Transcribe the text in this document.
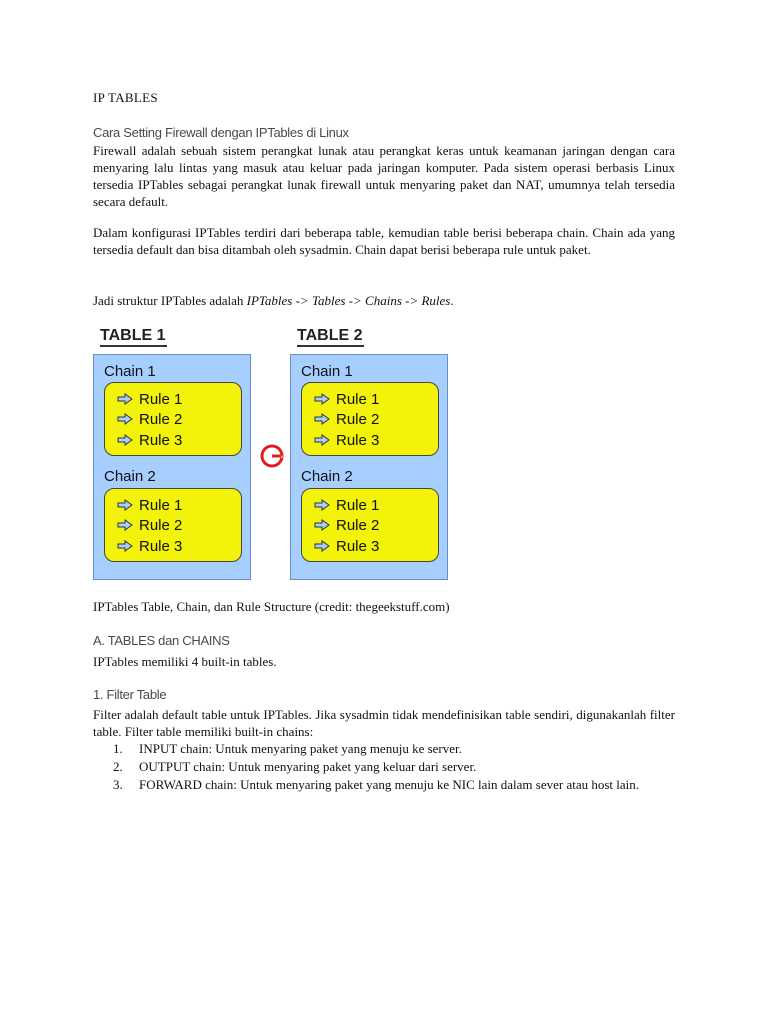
IP TABLES
Cara Setting Firewall dengan IPTables di Linux

Firewall adalah sebuah sistem perangkat lunak atau perangkat keras untuk keamanan jaringan dengan cara menyaring lalu lintas yang masuk atau keluar pada jaringan komputer. Pada sistem operasi berbasis Linux tersedia IPTables sebagai perangkat lunak firewall untuk menyaring paket dan NAT, umumnya telah tersedia secara default.

Dalam konfigurasi IPTables terdiri dari beberapa table, kemudian table berisi beberapa chain. Chain ada yang tersedia default dan bisa ditambah oleh sysadmin. Chain dapat berisi beberapa rule untuk paket.

Jadi struktur IPTables adalah IPTables -> Tables -> Chains -> Rules.

IPTables Table, Chain, dan Rule Structure (credit: thegeekstuff.com)

A. TABLES dan CHAINS

IPTables memiliki 4 built-in tables.

1. Filter Table

Filter adalah default table untuk IPTables. Jika sysadmin tidak mendefinisikan table sendiri, digunakanlah filter table. Filter table memiliki built-in chains:

1. INPUT chain: Untuk menyaring paket yang menuju ke server.
2. OUTPUT chain: Untuk menyaring paket yang keluar dari server.
3. FORWARD chain: Untuk menyaring paket yang menuju ke NIC lain dalam sever atau host lain.
TABLE 1
Chain 1
Rule 1
Rule 2
Rule 3
Chain 2
Rule 1
Rule 2
Rule 3
TABLE 2
Chain 1
Rule 1
Rule 2
Rule 3
Chain 2
Rule 1
Rule 2
Rule 3
